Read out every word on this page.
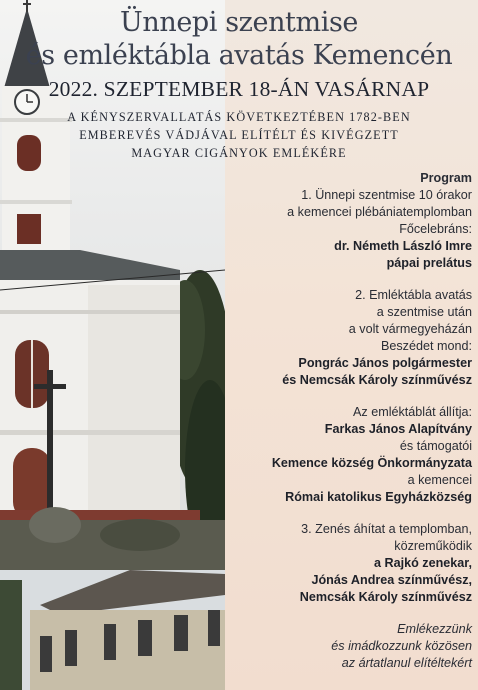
Ünnepi szentmise
és emléktábla avatás Kemencén
2022. SZEPTEMBER 18-ÁN VASÁRNAP
A KÉNYSZERVALLATÁS KÖVETKEZTÉBEN 1782-BEN
EMBEREVÉS VÁDJÁVAL ELÍTÉLT ÉS KIVÉGZETT
MAGYAR CIGÁNYOK EMLÉKÉRE
Program

1. Ünnepi szentmise 10 órakor

a kemencei plébániatemplomban

Főcelebráns:

dr. Németh László Imre

pápai prelátus

2. Emléktábla avatás

a szentmise után

a volt vármegyeházán

Beszédet mond:

Pongrác János polgármester

és Nemcsák Károly színművész

Az emléktáblát állítja:

Farkas János Alapítvány

és támogatói

Kemence község Önkormányzata

a kemencei

Római katolikus Egyházközség

3. Zenés áhítat a templomban,

közreműködik

a Rajkó zenekar,

Jónás Andrea színművész,

Nemcsák Károly színművész

Emlékezzünk

és imádkozzunk közösen

az ártatlanul elítéltekért
